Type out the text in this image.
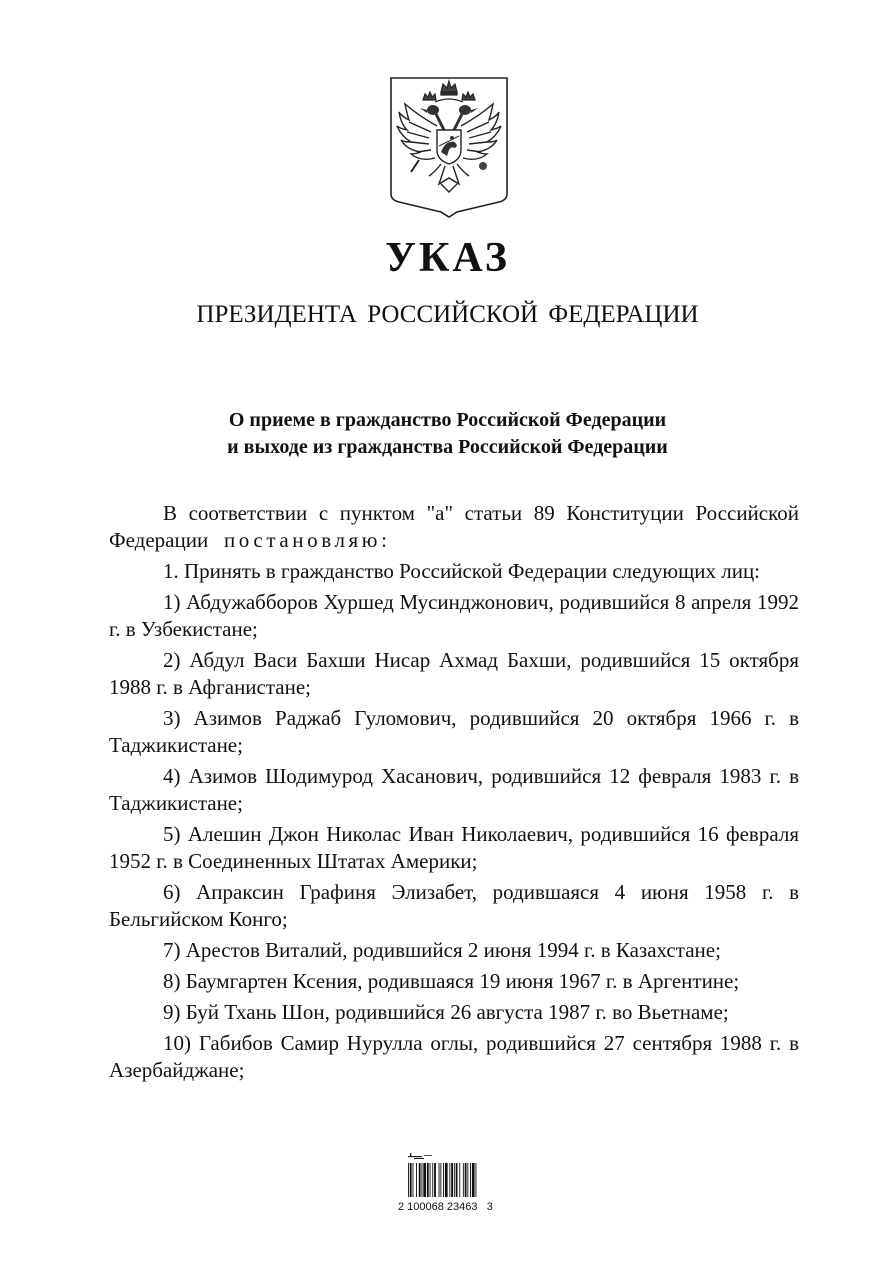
УКАЗ
ПРЕЗИДЕНТА РОССИЙСКОЙ ФЕДЕРАЦИИ
О приеме в гражданство Российской Федерации
и выходе из гражданства Российской Федерации

В соответствии с пунктом "а" статьи 89 Конституции Российской Федерации постановляю:

1. Принять в гражданство Российской Федерации следующих лиц:

1) Абдужабборов Хуршед Мусинджонович, родившийся 8 апреля 1992 г. в Узбекистане;

2) Абдул Васи Бахши Нисар Ахмад Бахши, родившийся 15 октября 1988 г. в Афганистане;

3) Азимов Раджаб Гуломович, родившийся 20 октября 1966 г. в Таджикистане;

4) Азимов Шодимурод Хасанович, родившийся 12 февраля 1983 г. в Таджикистане;

5) Алешин Джон Николас Иван Николаевич, родившийся 16 февраля 1952 г. в Соединенных Штатах Америки;

6) Апраксин Графиня Элизабет, родившаяся 4 июня 1958 г. в Бельгийском Конго;

7) Арестов Виталий, родившийся 2 июня 1994 г. в Казахстане;

8) Баумгартен Ксения, родившаяся 19 июня 1967 г. в Аргентине;

9) Буй Тхань Шон, родившийся 26 августа 1987 г. во Вьетнаме;

10) Габибов Самир Нурулла оглы, родившийся 27 сентября 1988 г. в Азербайджане;

2 100068 23463   3
